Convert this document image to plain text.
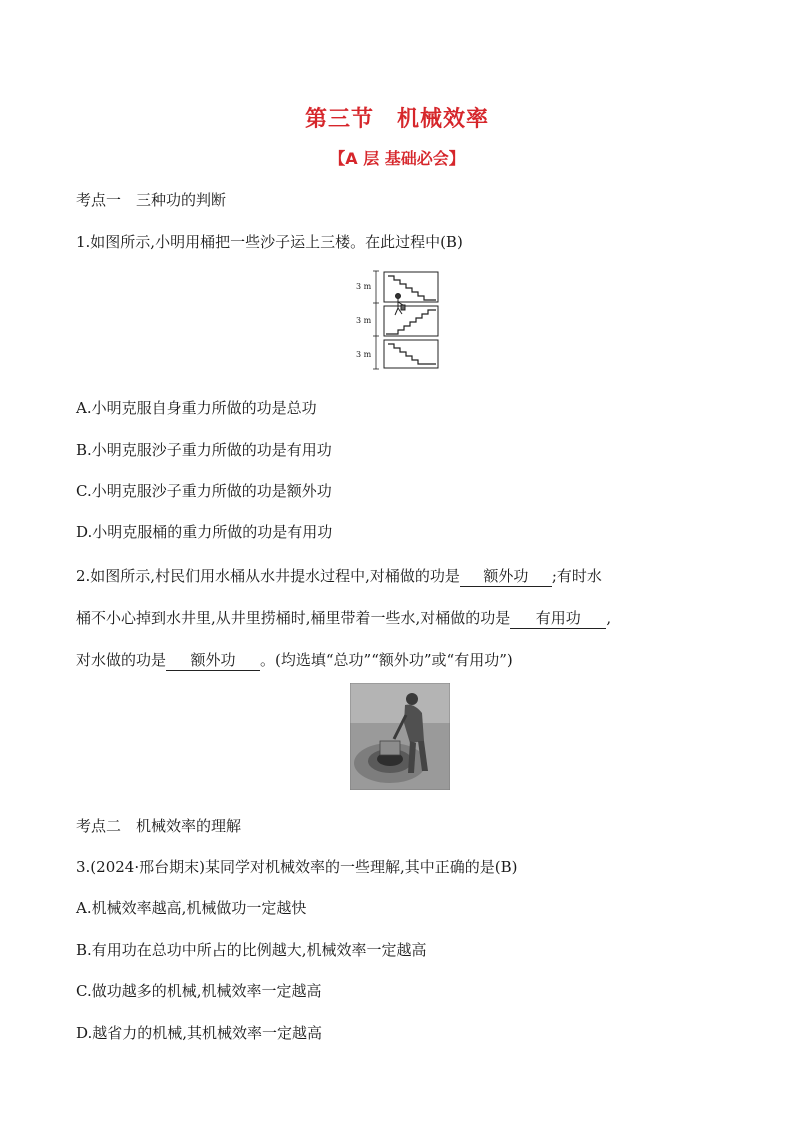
第三节　机械效率
【A 层 基础必会】
考点一　三种功的判断
1.如图所示,小明用桶把一些沙子运上三楼。在此过程中(B)
3 m
3 m
3 m
A.小明克服自身重力所做的功是总功
B.小明克服沙子重力所做的功是有用功
C.小明克服沙子重力所做的功是额外功
D.小明克服桶的重力所做的功是有用功
2.如图所示,村民们用水桶从水井提水过程中,对桶做的功是 额外功 ;有时水
桶不小心掉到水井里,从井里捞桶时,桶里带着一些水,对桶做的功是 有用功 ,
对水做的功是 额外功 。(均选填“总功”“额外功”或“有用功”)
考点二　机械效率的理解
3.(2024·邢台期末)某同学对机械效率的一些理解,其中正确的是(B)
A.机械效率越高,机械做功一定越快
B.有用功在总功中所占的比例越大,机械效率一定越高
C.做功越多的机械,机械效率一定越高
D.越省力的机械,其机械效率一定越高
